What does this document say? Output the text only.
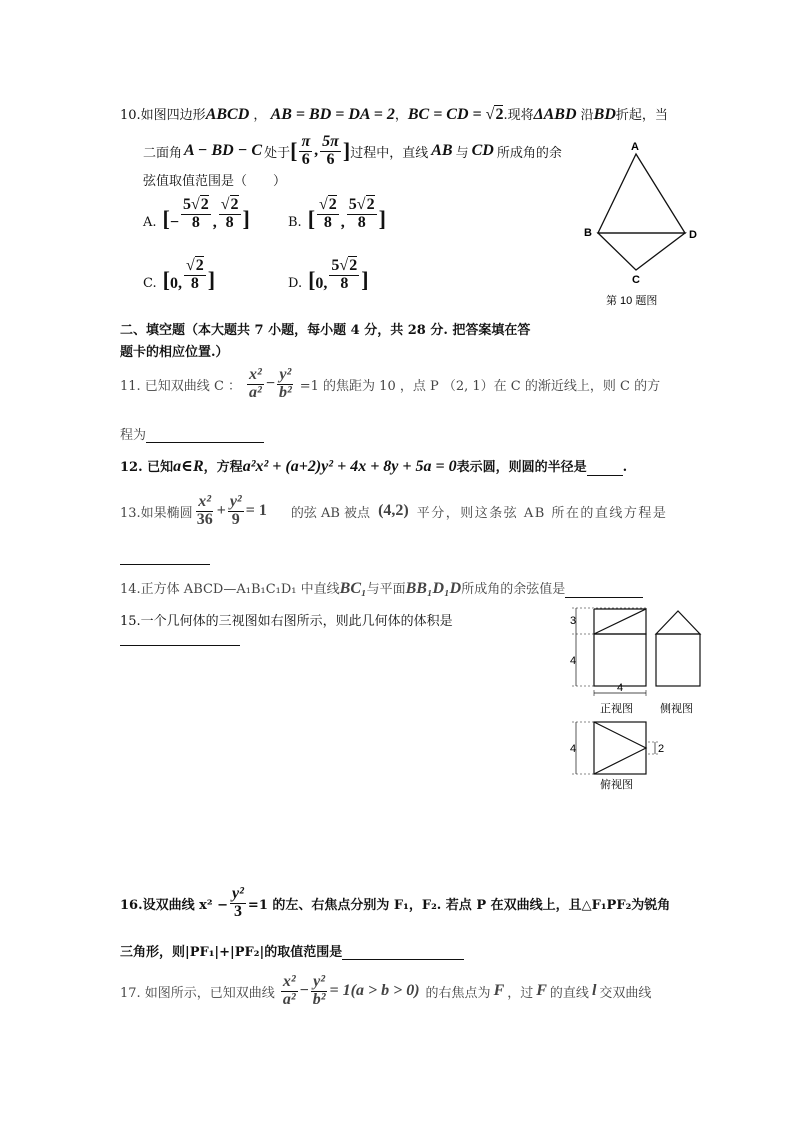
10.如图四边形ABCD ， AB = BD = DA = 2，BC = CD = √2.现将ΔABD 沿BD折起，当
二面角 A − BD − C 处于 [ $\frac{\pi}{6}$ , $\frac{5\pi}{6}$ ] 过程中，直线 AB 与 CD 所成角的余
弦值取值范围是（　　）
A. [ − $\frac{5√2}{8}$ , $\frac{√2}{8}$ ]	B. [ $\frac{√2}{8}$ , $\frac{5√2}{8}$ ]
C. [ 0 , $\frac{√2}{8}$ ]	D. [ 0 , $\frac{5√2}{8}$ ]
A
B	D
C
第 10 题图
二、填空题（本大题共 7 小题，每小题 4 分，共 28 分. 把答案填在答
题卡的相应位置.）
11. 已知双曲线 C ： $\frac{\text{x²}}{\text{a²}} - \frac{\text{y²}}{\text{b²}} =1$ 的焦距为 10 ，点 P （2, 1）在 C 的渐近线上，则 C 的方
程为
12. 已知a∈R，方程a²x² + (a+2)y² + 4x + 8y + 5a = 0表示圆，则圆的半径是	.
13.如果椭圆 $\frac{\text{x²}}{36} + \frac{\text{y²}}{9} = 1$ 的弦 AB 被点 (4,2) 平分，则这条弦 AB 所在的直线方程是

14.正方体 ABCD—A₁B₁C₁D₁ 中直线BC₁与平面BB₁D₁D所成角的余弦值是
15.一个几何体的三视图如右图所示，则此几何体的体积是
	3
4
4
正视图 侧视图
4	2
俯视图
16.设双曲线 $x^2 - \frac{\text{y²}}{3} =1$ 的左、右焦点分别为 F₁，F₂. 若点 P 在双曲线上，且△F₁PF₂为锐角
三角形，则|PF₁|+|PF₂|的取值范围是
17. 如图所示，已知双曲线 $\frac{\text{x²}}{\text{a²}} - \frac{\text{y²}}{\text{b²}} = 1(a > b > 0)$ 的右焦点为 F ，过 F 的直线 l 交双曲线
